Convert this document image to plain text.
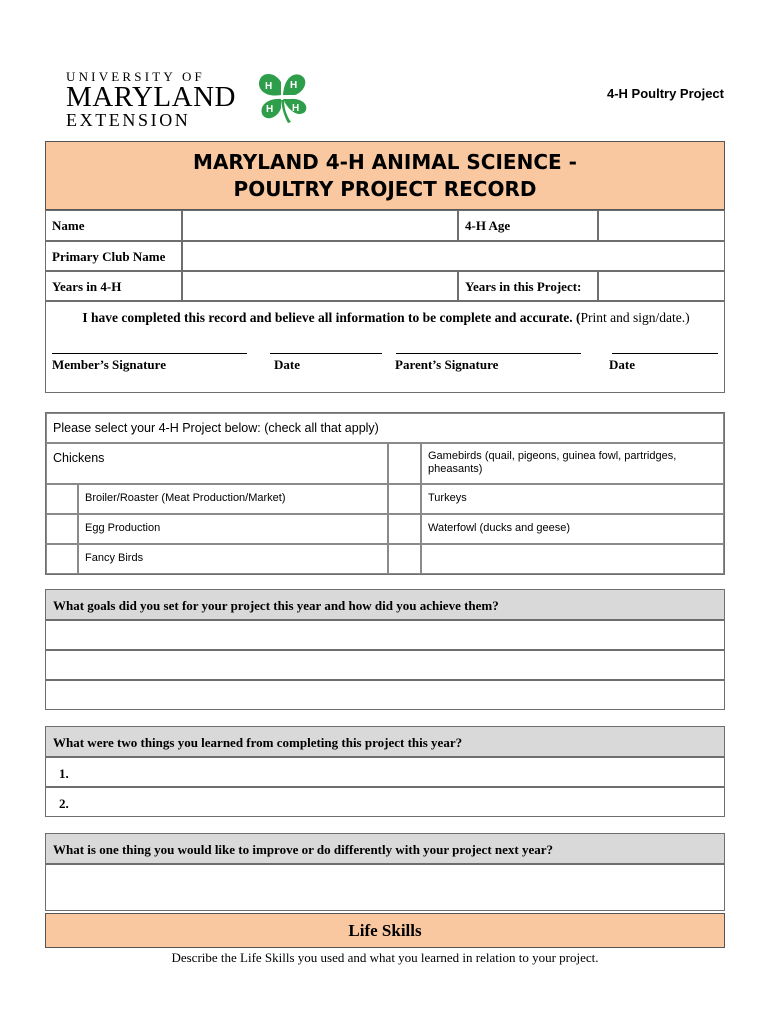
UNIVERSITY OF
MARYLAND
EXTENSION
H H
H H
4-H Poultry Project
MARYLAND 4-H ANIMAL SCIENCE -
POULTRY PROJECT RECORD
Name	4-H Age
Primary Club Name
Years in 4-H	Years in this Project:
I have completed this record and believe all information to be complete and accurate. (Print and sign/date.)
Member’s Signature	Date	Parent’s Signature	Date
Please select your 4-H Project below: (check all that apply)
Chickens	Gamebirds (quail, pigeons, guinea fowl, partridges, pheasants)
Broiler/Roaster (Meat Production/Market)	Turkeys
Egg Production	Waterfowl (ducks and geese)
Fancy Birds
What goals did you set for your project this year and how did you achieve them?
What were two things you learned from completing this project this year?
1.
2.
What is one thing you would like to improve or do differently with your project next year?
Life Skills
Describe the Life Skills you used and what you learned in relation to your project.
